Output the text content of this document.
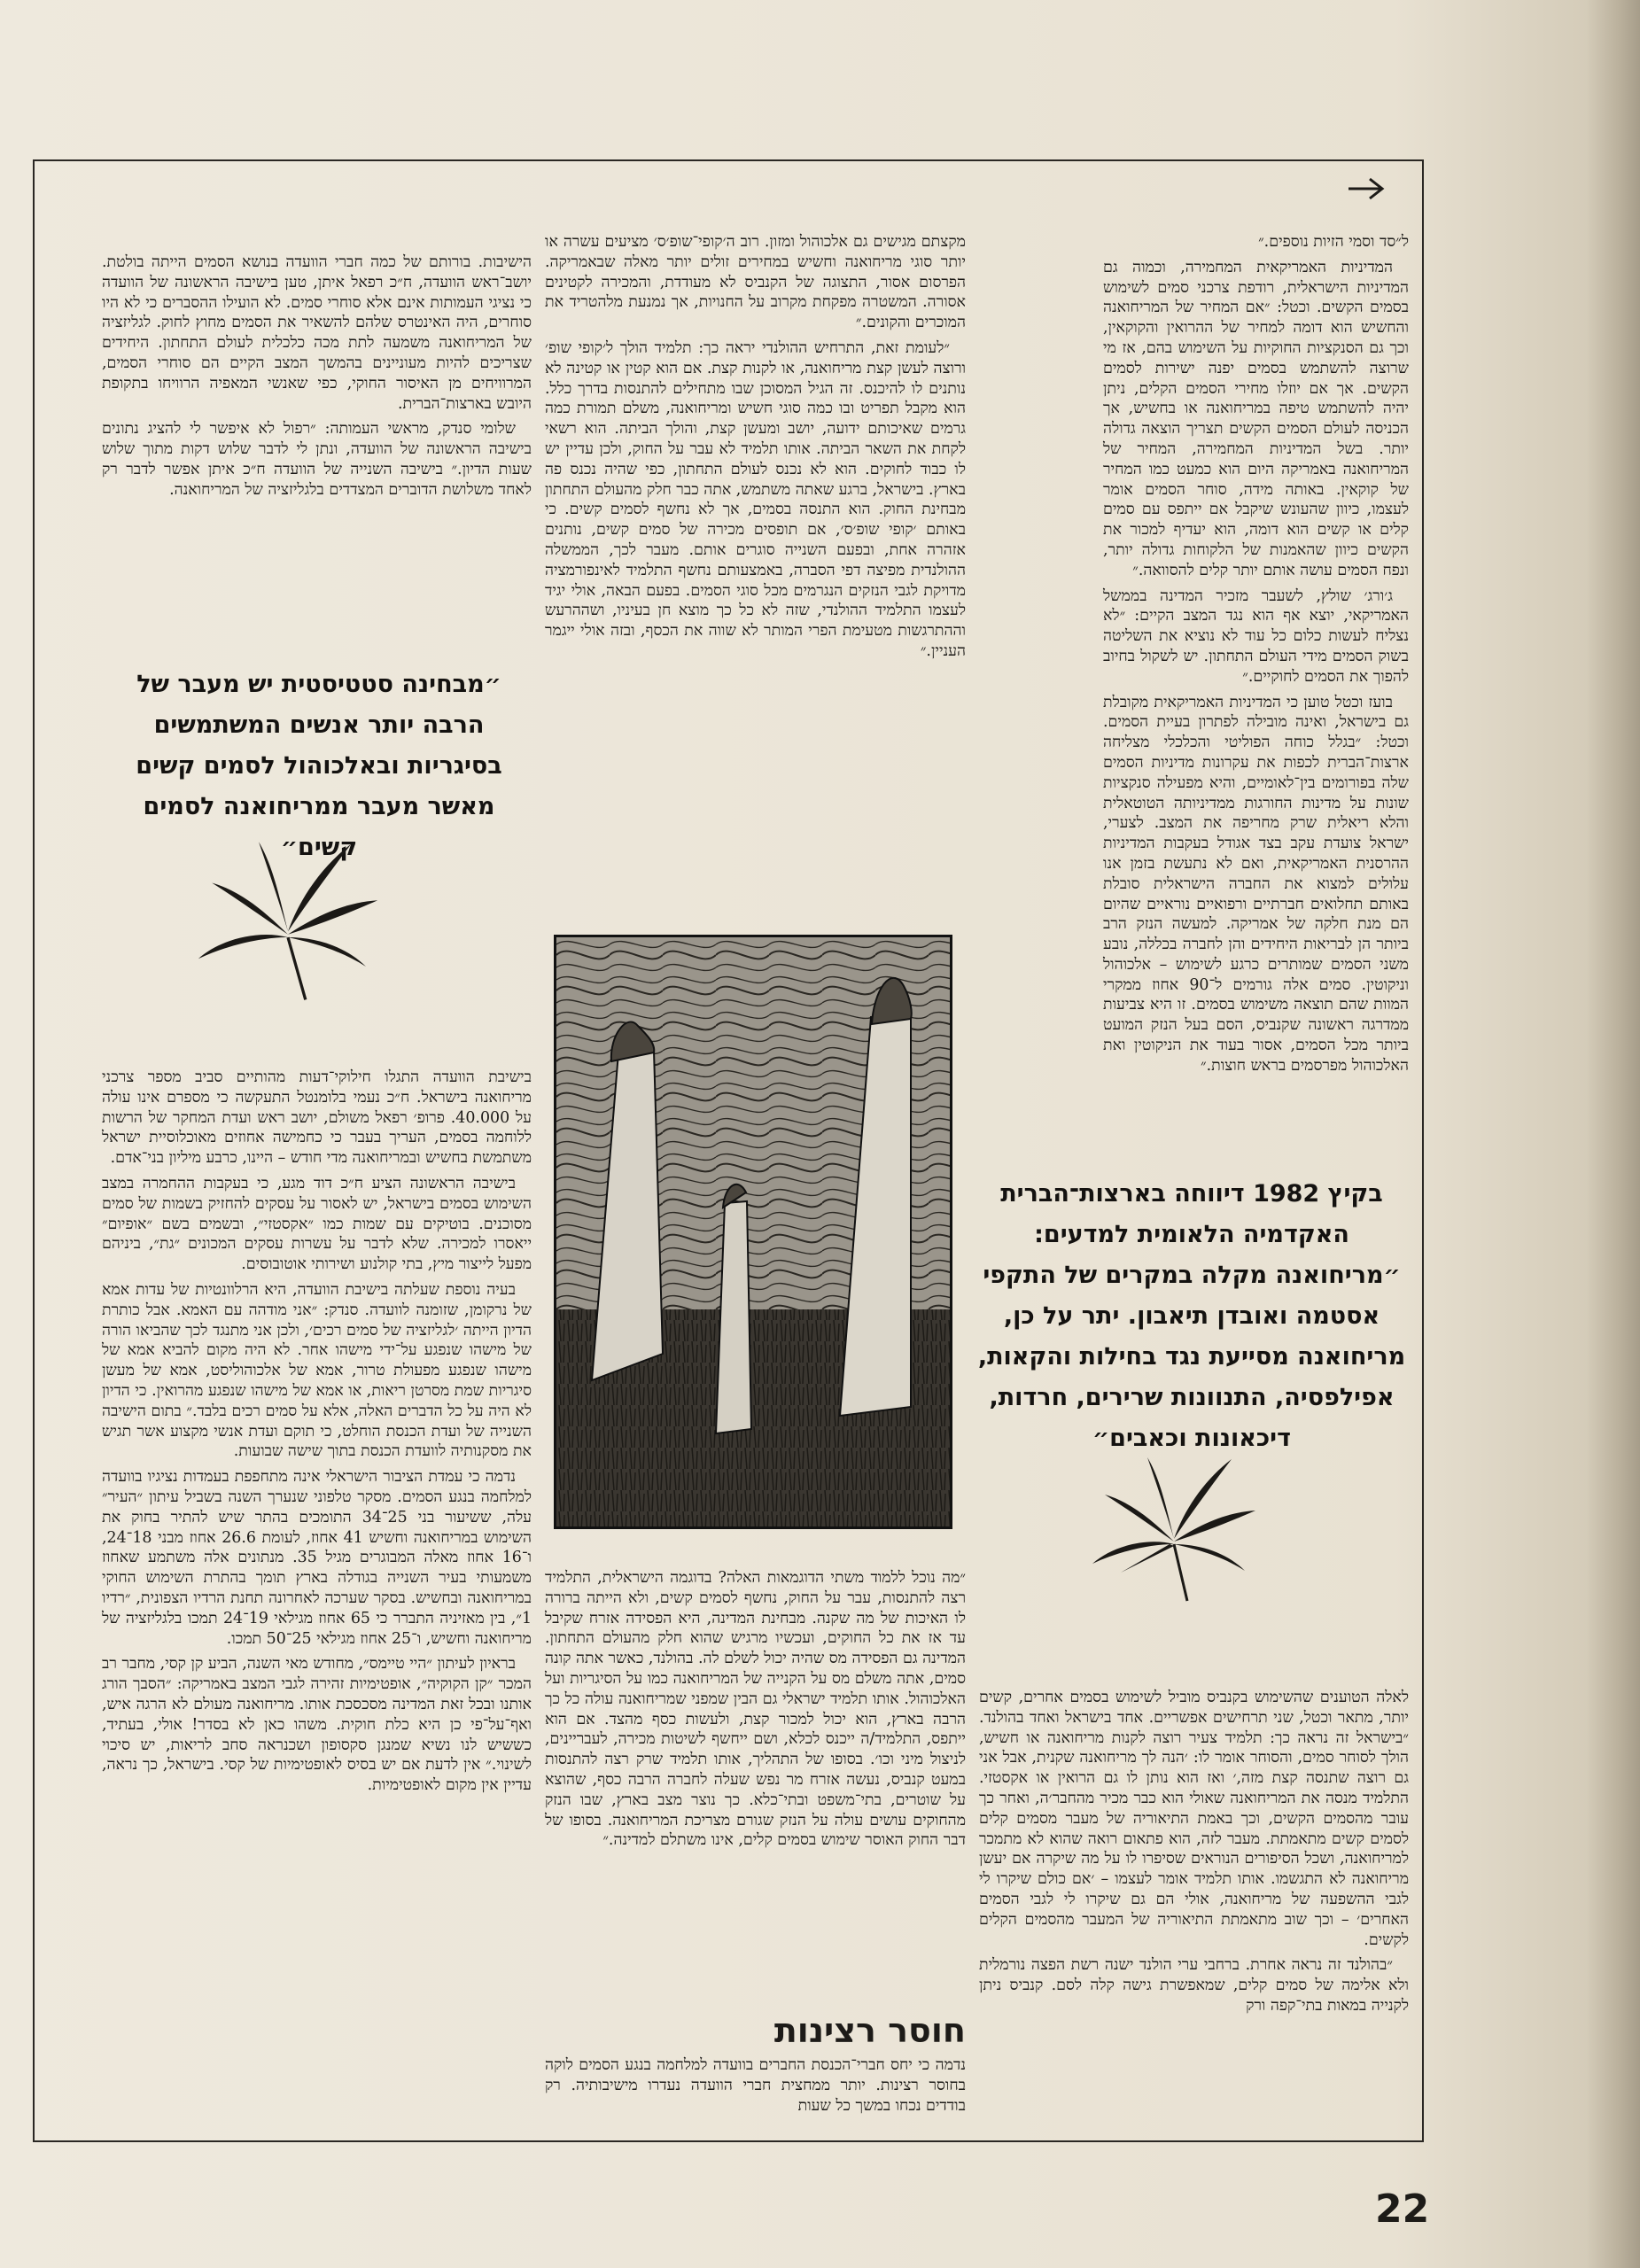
ל״סד וסמי הזיות נוספים.״

המדיניות האמריקאית המחמירה, וכמוה גם המדיניות הישראלית, רודפת צרכני סמים לשימוש בסמים הקשים. וכטל: ״אם המחיר של המריחואנה והחשיש הוא דומה למחיר של ההרואין והקוקאין, וכך גם הסנקציות החוקיות על השימוש בהם, אז מי שרוצה להשתמש בסמים יפנה ישירות לסמים הקשים. אך אם יוזלו מחירי הסמים הקלים, ניתן יהיה להשתמש טיפה במריחואנה או בחשיש, אך הכניסה לעולם הסמים הקשים תצריך הוצאה גדולה יותר. בשל המדיניות המחמירה, המחיר של המריחואנה באמריקה היום הוא כמעט כמו המחיר של קוקאין. באותה מידה, סוחר הסמים אומר לעצמו, כיוון שהעונש שיקבל אם ייתפס עם סמים קלים או קשים הוא דומה, הוא יעדיף למכור את הקשים כיוון שהאמנות של הלקוחות גדולה יותר, ונפח הסמים עושה אותם יותר קלים להסוואה.״

ג׳ורג׳ שולץ, לשעבר מזכיר המדינה בממשל האמריקאי, יוצא אף הוא נגד המצב הקיים: ״לא נצליח לעשות כלום כל עוד לא נוציא את השליטה בשוק הסמים מידי העולם התחתון. יש לשקול בחיוב להפוך את הסמים לחוקיים.״

בועז וכטל טוען כי המדיניות האמריקאית מקובלת גם בישראל, ואינה מובילה לפתרון בעיית הסמים. וכטל: ״בגלל כוחה הפוליטי והכלכלי מצליחה ארצות־הברית לכפות את עקרונות מדיניות הסמים שלה בפורומים בין־לאומיים, והיא מפעילה סנקציות שונות על מדינות החורגות ממדיניותה הטוטאלית והלא ריאלית שרק מחריפה את המצב. לצערי, ישראל צועדת עקב בצד אגודל בעקבות המדיניות ההרסנית האמריקאית, ואם לא נתעשת בזמן אנו עלולים למצוא את החברה הישראלית סובלת באותם תחלואים חברתיים ורפואיים נוראיים שהיום הם מנת חלקה של אמריקה. למעשה הנזק הרב ביותר הן לבריאות היחידים והן לחברה בכללה, נובע משני הסמים שמותרים כרגע לשימוש – אלכוהול וניקוטין. סמים אלה גורמים ל־90 אחוז ממקרי המוות שהם תוצאה משימוש בסמים. זו היא צביעות ממדרגה ראשונה שקנביס, הסם בעל הנזק המועט ביותר מכל הסמים, אסור בעוד את הניקוטין ואת האלכוהול מפרסמים בראש חוצות.״

בקיץ 1982 דיווחה בארצות־הברית האקדמיה הלאומית למדעים: ״מריחואנה מקלה במקרים של התקפי אסטמה ואובדן תיאבון. יתר על כן, מריחואנה מסייעת נגד בחילות והקאות, אפילפסיה, התנוונות שרירים, חרדות, דיכאונות וכאבים״

לאלה הטוענים שהשימוש בקנביס מוביל לשימוש בסמים אחרים, קשים יותר, מתאר וכטל, שני תרחישים אפשריים. אחד בישראל ואחד בהולנד. ״בישראל זה נראה כך: תלמיד צעיר רוצה לקנות מריחואנה או חשיש, הולך לסוחר סמים, והסוחר אומר לו: ׳הנה לך מריחואנה שקנית, אבל אני גם רוצה שתנסה קצת מזה,׳ ואז הוא נותן לו גם הרואין או אקסטזי. התלמיד מנסה את המריחואנה שאולי הוא כבר מכיר מהחבר׳ה, ואחר כך עובר מהסמים הקשים, וכך באמת התיאוריה של מעבר מסמים קלים לסמים קשים מתאמתת. מעבר לזה, הוא פתאום רואה שהוא לא מתמכר למריחואנה, ושכל הסיפורים הנוראים שסיפרו לו על מה שיקרה אם יעשן מריחואנה לא התגשמו. אותו תלמיד אומר לעצמו – ׳אם כולם שיקרו לי לגבי ההשפעה של מריחואנה, אולי הם גם שיקרו לי לגבי הסמים האחרים׳ – וכך שוב מתאמתת התיאוריה של המעבר מהסמים הקלים לקשים.

״בהולנד זה נראה אחרת. ברחבי ערי הולנד ישנה רשת הפצה נורמלית ולא אלימה של סמים קלים, שמאפשרת גישה קלה לסם. קנביס ניתן לקנייה במאות בתי־קפה ורק

מקצתם מגישים גם אלכוהול ומזון. רוב ה׳קופי־שופ׳ס׳ מציעים עשרה או יותר סוגי מריחואנה וחשיש במחירים זולים יותר מאלה שבאמריקה. הפרסום אסור, התצוגה של הקנביס לא מעודדת, והמכירה לקטינים אסורה. המשטרה מפקחת מקרוב על החנויות, אך נמנעת מלהטריד את המוכרים והקונים.״

״לעומת זאת, התרחיש ההולנדי יראה כך: תלמיד הולך ל׳קופי שופ׳ ורוצה לעשן קצת מריחואנה, או לקנות קצת. אם הוא קטין או קטינה לא נותנים לו להיכנס. זה הגיל המסוכן שבו מתחילים להתנסות בדרך כלל. הוא מקבל תפריט ובו כמה סוגי חשיש ומריחואנה, משלם תמורת כמה גרמים שאיכותם ידועה, יושב ומעשן קצת, והולך הביתה. הוא רשאי לקחת את השאר הביתה. אותו תלמיד לא עבר על החוק, ולכן עדיין יש לו כבוד לחוקים. הוא לא נכנס לעולם התחתון, כפי שהיה נכנס פה בארץ. בישראל, ברגע שאתה משתמש, אתה כבר חלק מהעולם התחתון מבחינת החוק. הוא התנסה בסמים, אך לא נחשף לסמים קשים. כי באותם ׳קופי שופ׳ס׳, אם תופסים מכירה של סמים קשים, נותנים אזהרה אחת, ובפעם השנייה סוגרים אותם. מעבר לכך, הממשלה ההולנדית מפיצה דפי הסברה, באמצעותם נחשף התלמיד לאינפורמציה מדויקת לגבי הנזקים הנגרמים מכל סוגי הסמים. בפעם הבאה, אולי יגיד לעצמו התלמיד ההולנדי, שזה לא כל כך מוצא חן בעיניו, ושההרעש וההתרגשות מטעימת הפרי המותר לא שווה את הכסף, ובזה אולי ייגמר העניין.״

״מה נוכל ללמוד משתי הדוגמאות האלה? בדוגמה הישראלית, התלמיד רצה להתנסות, עבר על החוק, נחשף לסמים קשים, ולא הייתה ברורה לו האיכות של מה שקנה. מבחינת המדינה, היא הפסידה אזרח שקיבל עד אז את כל החוקים, ועכשיו מרגיש שהוא חלק מהעולם התחתון. המדינה גם הפסידה מס שהיה יכול לשלם לה. בהולנד, כאשר אתה קונה סמים, אתה משלם מס על הקנייה של המריחואנה כמו על הסיגריות ועל האלכוהול. אותו תלמיד ישראלי גם הבין שמפני שמריחואנה עולה כל כך הרבה בארץ, הוא יכול למכור קצת, ולעשות כסף מהצד. אם הוא ייתפס, התלמיד/ה ייכנס לכלא, ושם ייחשף לשיטות מכירה, לעבריינים, לניצול מיני וכו׳. בסופו של התהליך, אותו תלמיד שרק רצה להתנסות במעט קנביס, נעשה אזרח מר נפש שעלה לחברה הרבה כסף, שהוצא על שוטרים, בתי־משפט ובתי־כלא. כך נוצר מצב בארץ, שבו הנזק מהחוקים עושים עולה על הנזק שגורם מצריכת המריחואנה. בסופו של דבר החוק האוסר שימוש בסמים קלים, אינו משתלם למדינה.״

חוסר רצינות

נדמה כי יחס חברי־הכנסת החברים בוועדה למלחמה בנגע הסמים לוקה בחוסר רצינות. יותר ממחצית חברי הוועדה נעדרו מישיבותיה. רק בודדים נכחו במשך כל שעות

הישיבות. בורותם של כמה חברי הוועדה בנושא הסמים הייתה בולטת. יושב־ראש הוועדה, ח״כ רפאל איתן, טען בישיבה הראשונה של הוועדה כי נציגי העמותות אינם אלא סוחרי סמים. לא הועילו ההסברים כי לא היו סוחרים, היה האינטרס שלהם להשאיר את הסמים מחוץ לחוק. לגליזציה של המריחואנה משמעה לתת מכה כלכלית לעולם התחתון. היחידים שצריכים להיות מעוניינים בהמשך המצב הקיים הם סוחרי הסמים, המרוויחים מן האיסור החוקי, כפי שאנשי המאפיה הרוויחו בתקופת היובש בארצות־הברית.

שלומי סנדק, מראשי העמותה: ״רפול לא איפשר לי להציג נתונים בישיבה הראשונה של הוועדה, ונתן לי לדבר שלוש דקות מתוך שלוש שעות הדיון.״ בישיבה השנייה של הוועדה ח״כ איתן אפשר לדבר רק לאחד משלושת הדוברים המצדדים בלגליזציה של המריחואנה.

״מבחינה סטטיסטית יש מעבר של הרבה יותר אנשים המשתמשים בסיגריות ובאלכוהול לסמים קשים מאשר מעבר ממריחואנה לסמים קשים״

בישיבת הוועדה התגלו חילוקי־דעות מהותיים סביב מספר צרכני מריחואנה בישראל. ח״כ נעמי בלומנטל התעקשה כי מספרם אינו עולה על 40.000. פרופ׳ רפאל משולם, יושב ראש ועדת המחקר של הרשות ללוחמה בסמים, העריך בעבר כי כחמישה אחוזים מאוכלוסיית ישראל משתמשת בחשיש ובמריחואנה מדי חודש – היינו, כרבע מיליון בני־אדם.

בישיבה הראשונה הציע ח״כ דוד מגע, כי בעקבות ההחמרה במצב השימוש בסמים בישראל, יש לאסור על עסקים להחזיק בשמות של סמים מסוכנים. בוטיקים עם שמות כמו ״אקסטזי״, ובשמים בשם ״אופיום״ ייאסרו למכירה. שלא לדבר על עשרות עסקים המכונים ״גת״, ביניהם מפעל לייצור מיץ, בתי קולנוע ושירותי אוטובוסים.

בעיה נוספת שעלתה בישיבת הוועדה, היא הרלוונטיות של עדות אמא של נרקומן, שזומנה לוועדה. סנדק: ״אני מודהה עם האמא. אבל כותרת הדיון הייתה ׳לגליזציה של סמים רכים׳, ולכן אני מתנגד לכך שהביאו הורה של מישהו שנפגע על־ידי מישהו אחר. לא היה מקום להביא אמא של מישהו שנפגע מפעולת טרור, אמא של אלכוהוליסט, אמא של מעשן סיגריות שמת מסרטן ריאות, או אמא של מישהו שנפגע מהרואין. כי הדיון לא היה על כל הדברים האלה, אלא על סמים רכים בלבד.״ בתום הישיבה השנייה של ועדת הכנסת הוחלט, כי תוקם ועדת אנשי מקצוע אשר תגיש את מסקנותיה לוועדת הכנסת בתוך שישה שבועות.

נדמה כי עמדת הציבור הישראלי אינה מתחפפת בעמדות נציגיו בוועדה למלחמה בנגע הסמים. מסקר טלפוני שנערך השנה בשביל עיתון ״העיר״ עלה, ששיעור בני 25־34 התומכים בהתר שיש להתיר בחוק את השימוש במריחואנה וחשיש 41 אחוז, לעומת 26.6 אחוז מבני 18־24, ו־16 אחוז מאלה המבוגרים מגיל 35. מנתונים אלה משתמע שאחוז משמעותי בעיר השנייה בגודלה בארץ תומך בהתרת השימוש החוקי במריחואנה ובחשיש. בסקר שערכה לאחרונה תחנת הרדיו הצפונית, ״רדיו 1״, בין מאזיניה התברר כי 65 אחוז מגילאי 19־24 תמכו בלגליזציה של מריחואנה וחשיש, ו־25 אחוז מגילאי 25־50 תמכו.

בראיון לעיתון ״היי טיימס״, מחודש מאי השנה, הביע קן קסי, מחבר רב המכר ״קן הקוקיה״, אופטימיות זהירה לגבי המצב באמריקה: ״הסבך הורג אותנו ובכל זאת המדינה מסכסכת אותו. מריחואנה מעולם לא הרגה איש, ואף־על־פי כן היא כלת חוקית. משהו כאן לא בסדר! אולי, בעתיד, כששיש לנו נשיא שמנגן סקסופון ושכנראה סחב לריאות, יש סיכוי לשינוי.״ אין לדעת אם יש בסיס לאופטימיות של קסי. בישראל, כך נראה, עדיין אין מקום לאופטימיות.

22
